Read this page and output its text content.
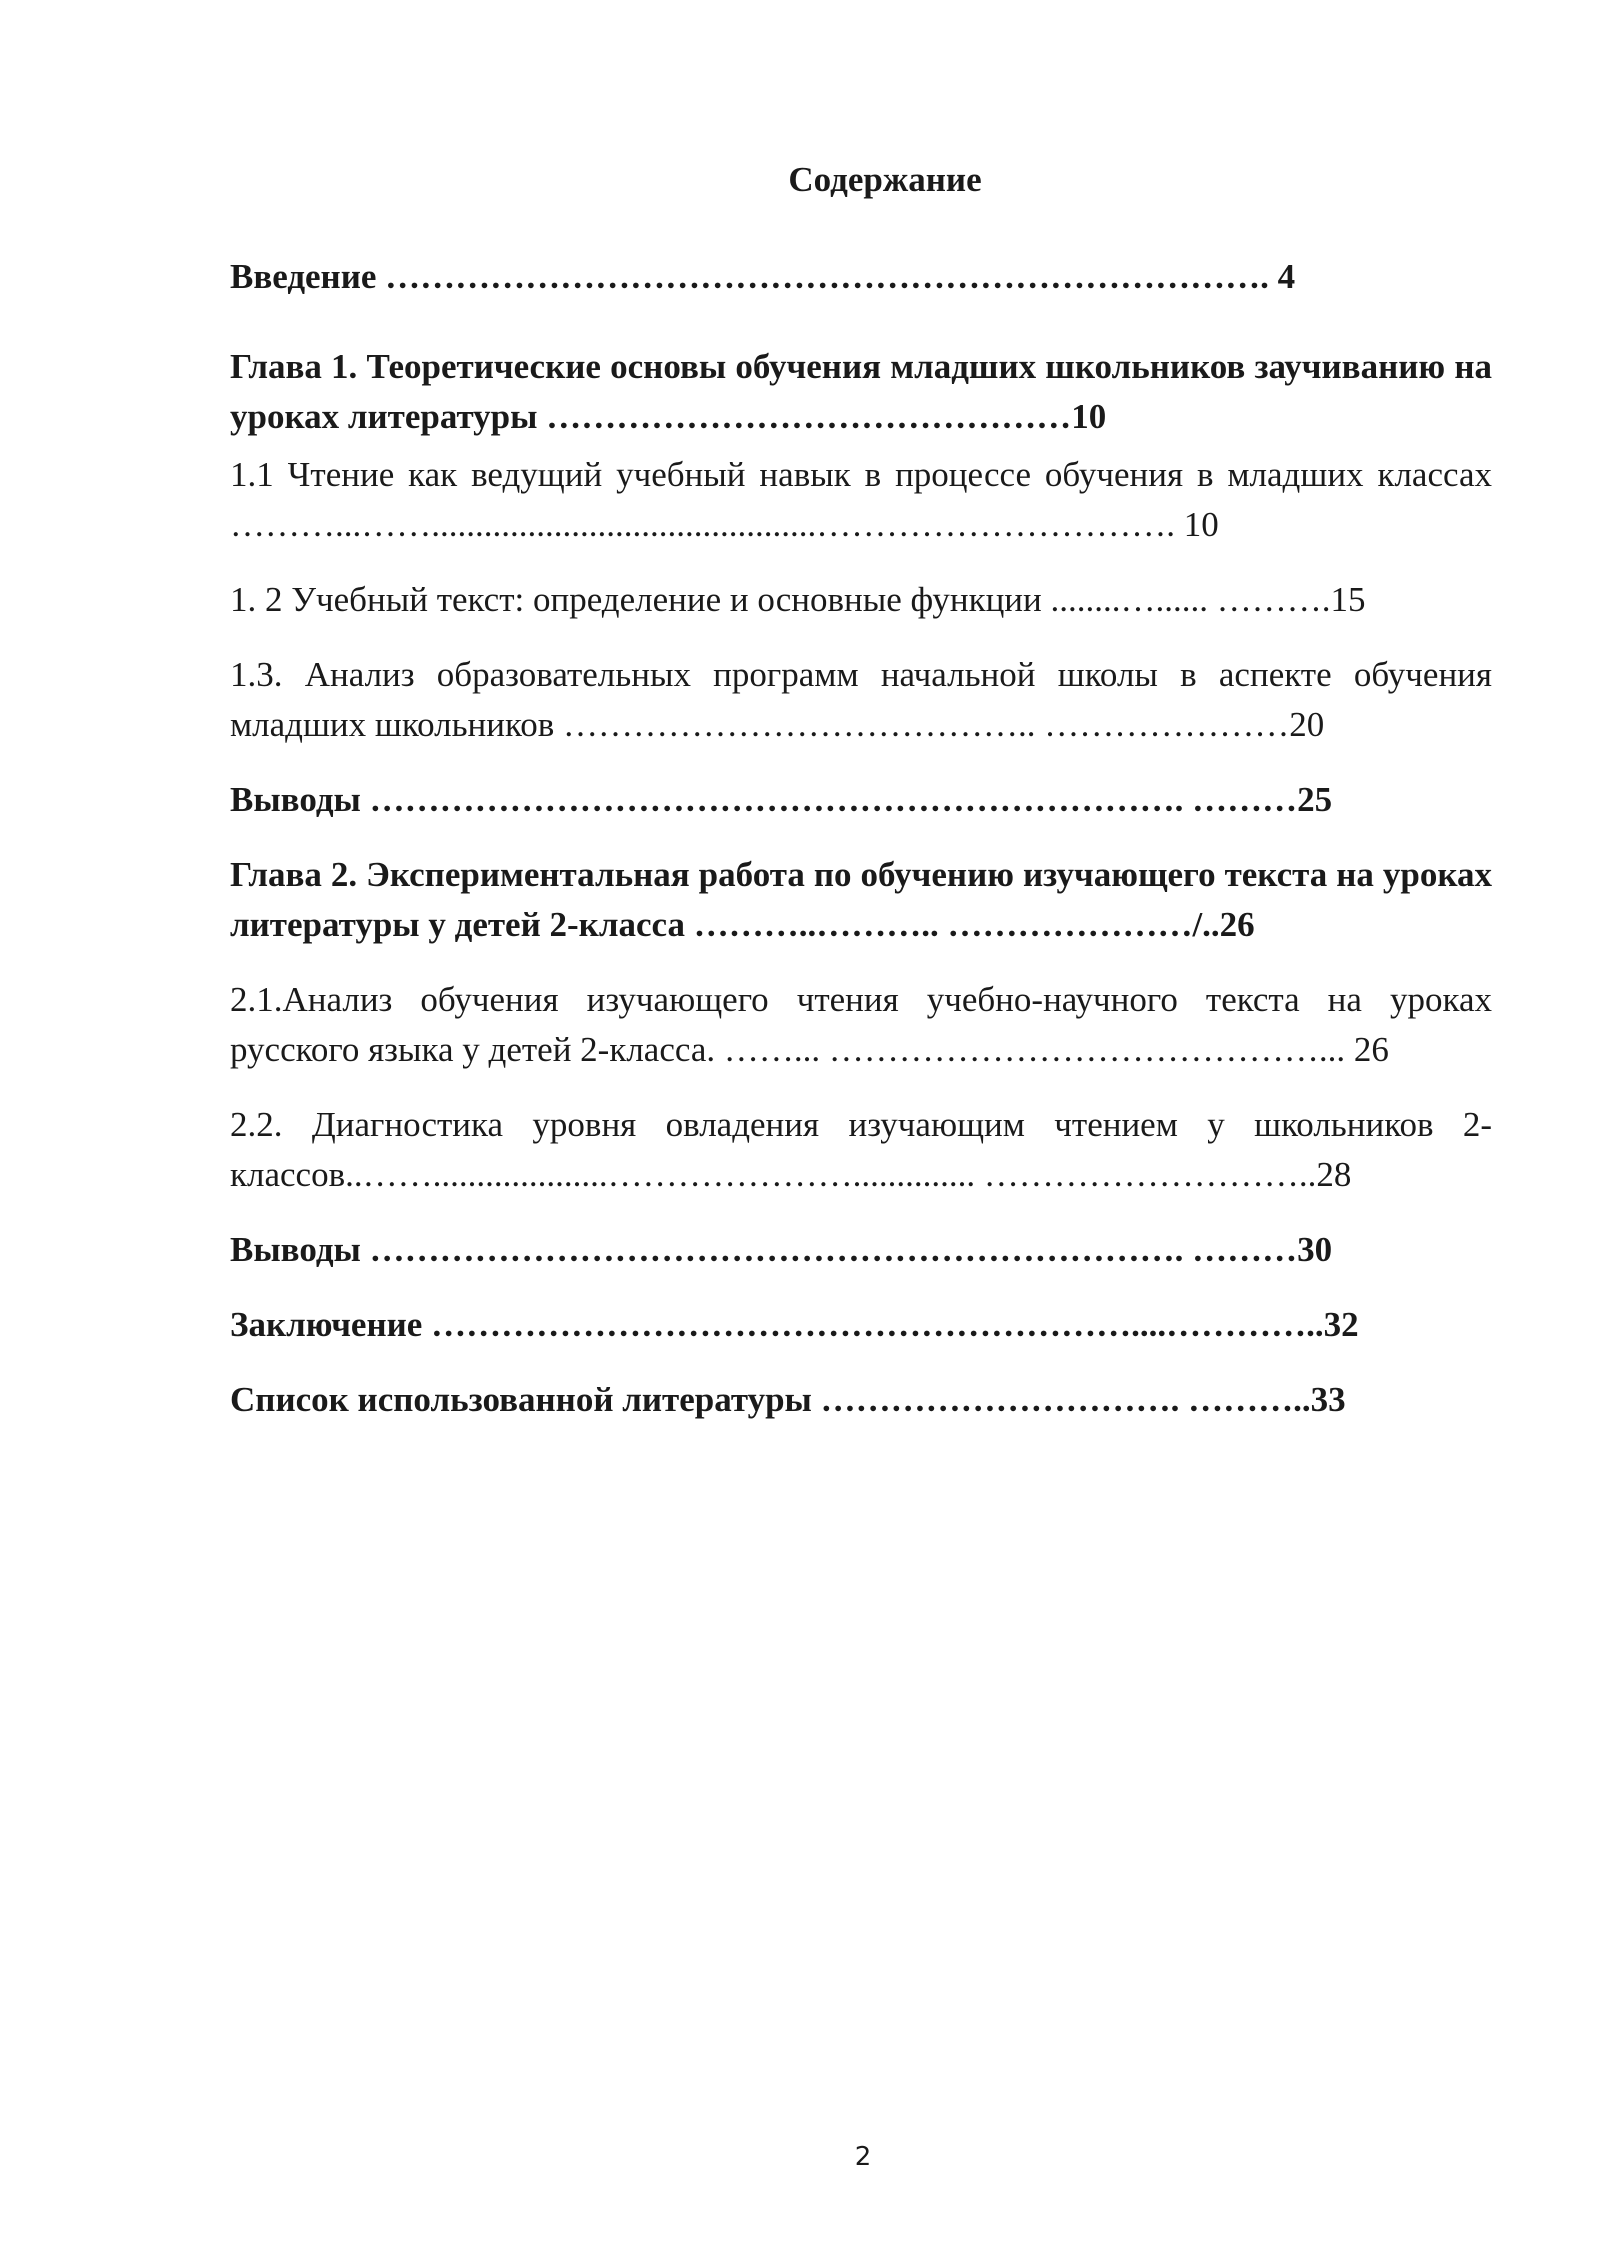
Содержание
Введение …………………………………………………………………. 4
Глава 1. Теоретические основы обучения младших школьников заучиванию на уроках литературы ………………………………………10
1.1 Чтение как ведущий учебный навык в процессе обучения в младших классах ………...……............................................…………………………. 10
1. 2 Учебный текст: определение и основные функции ........…...... ……….15
1.3. Анализ образовательных программ начальной школы в аспекте обучения младших школьников ………………………………….. …………………20
Выводы ……………………………………………………………. ………25
Глава 2. Экспериментальная работа по обучению изучающего текста на уроках литературы у детей 2-класса ………..……….. …………………/..26
2.1.Анализ обучения изучающего чтения учебно-научного текста на уроках русского языка у детей 2-класса. ……... ……………………………………... 26
2.2. Диагностика уровня овладения изучающим чтением у школьников 2-классов..……....................………………….............. ………………………..28
Выводы ……………………………………………………………. ………30
Заключение ……………………………………………………....…………..32
Список использованной литературы …………………………. ………..33
2
